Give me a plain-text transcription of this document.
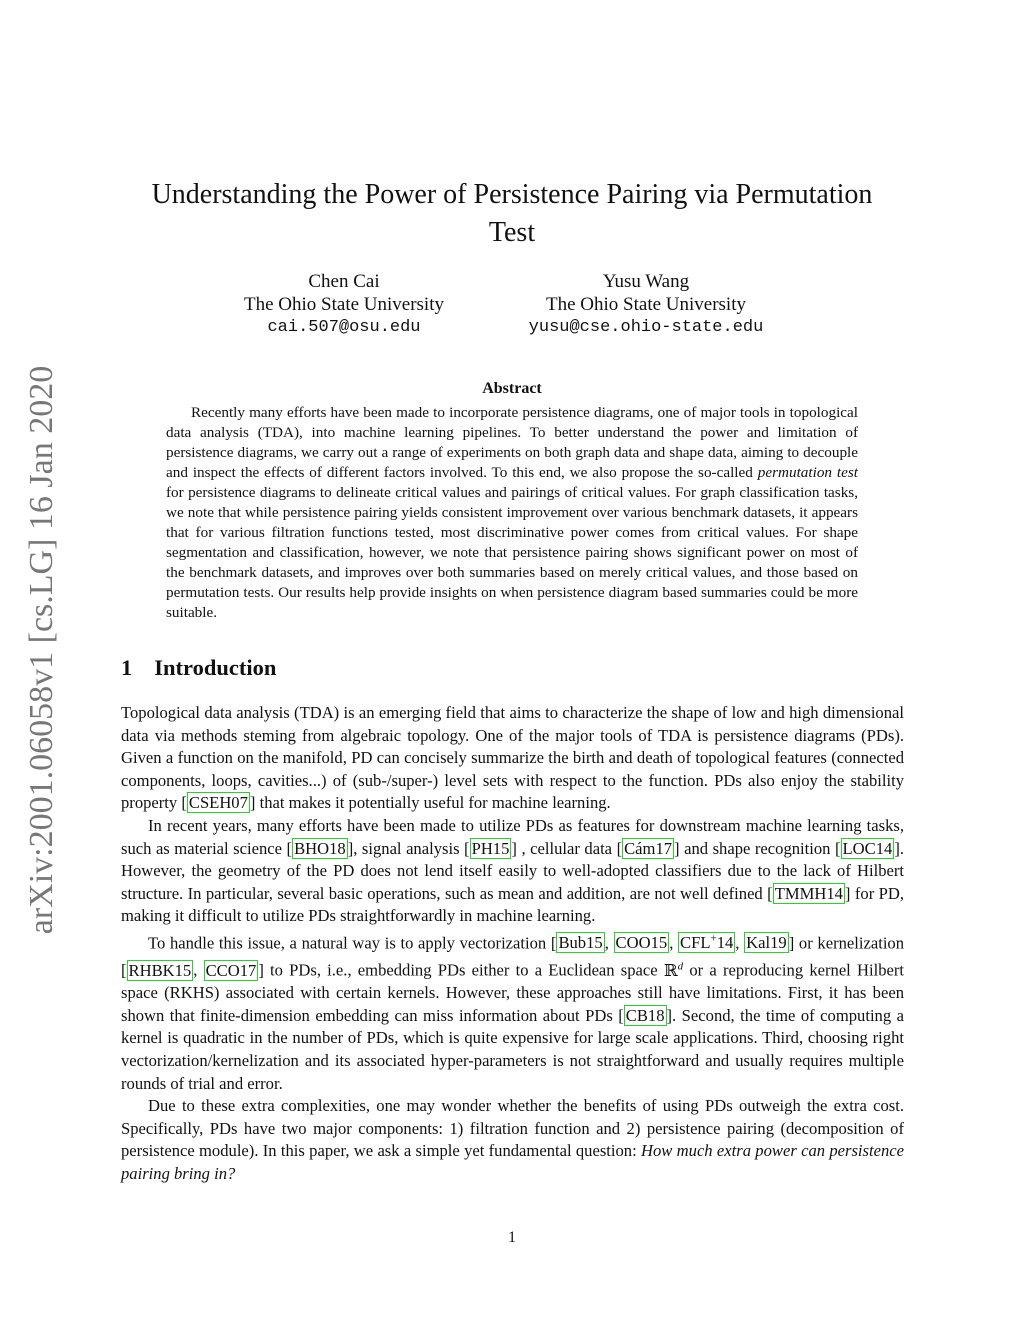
arXiv:2001.06058v1 [cs.LG] 16 Jan 2020
Understanding the Power of Persistence Pairing via Permutation
Test
Chen Cai
The Ohio State University
cai.507@osu.edu
Yusu Wang
The Ohio State University
yusu@cse.ohio-state.edu
Abstract

Recently many efforts have been made to incorporate persistence diagrams, one of major tools in topological data analysis (TDA), into machine learning pipelines. To better understand the power and limitation of persistence diagrams, we carry out a range of experiments on both graph data and shape data, aiming to decouple and inspect the effects of different factors involved. To this end, we also propose the so-called permutation test for persistence diagrams to delineate critical values and pairings of critical values. For graph classification tasks, we note that while persistence pairing yields consistent improvement over various benchmark datasets, it appears that for various filtration functions tested, most discriminative power comes from critical values. For shape segmentation and classification, however, we note that persistence pairing shows significant power on most of the benchmark datasets, and improves over both summaries based on merely critical values, and those based on permutation tests. Our results help provide insights on when persistence diagram based summaries could be more suitable.

1 Introduction

Topological data analysis (TDA) is an emerging field that aims to characterize the shape of low and high dimensional data via methods steming from algebraic topology. One of the major tools of TDA is persistence diagrams (PDs). Given a function on the manifold, PD can concisely summarize the birth and death of topological features (connected components, loops, cavities...) of (sub-/super-) level sets with respect to the function. PDs also enjoy the stability property [ CSEH07 ] that makes it potentially useful for machine learning.

In recent years, many efforts have been made to utilize PDs as features for downstream machine learning tasks, such as material science [ BHO18 ], signal analysis [ PH15 ] , cellular data [ Cám17 ] and shape recognition [ LOC14 ]. However, the geometry of the PD does not lend itself easily to well-adopted classifiers due to the lack of Hilbert structure. In particular, several basic operations, such as mean and addition, are not well defined [ TMMH14 ] for PD, making it difficult to utilize PDs straightforwardly in machine learning.

To handle this issue, a natural way is to apply vectorization [ Bub15 , COO15 , CFL+14 , Kal19 ] or kernelization [ RHBK15 , CCO17 ] to PDs, i.e., embedding PDs either to a Euclidean space ℝ$^d$ or a reproducing kernel Hilbert space (RKHS) associated with certain kernels. However, these approaches still have limitations. First, it has been shown that finite-dimension embedding can miss information about PDs [ CB18 ]. Second, the time of computing a kernel is quadratic in the number of PDs, which is quite expensive for large scale applications. Third, choosing right vectorization/kernelization and its associated hyper-parameters is not straightforward and usually requires multiple rounds of trial and error.

Due to these extra complexities, one may wonder whether the benefits of using PDs outweigh the extra cost. Specifically, PDs have two major components: 1) filtration function and 2) persistence pairing (decomposition of persistence module). In this paper, we ask a simple yet fundamental question: How much extra power can persistence pairing bring in?

1
